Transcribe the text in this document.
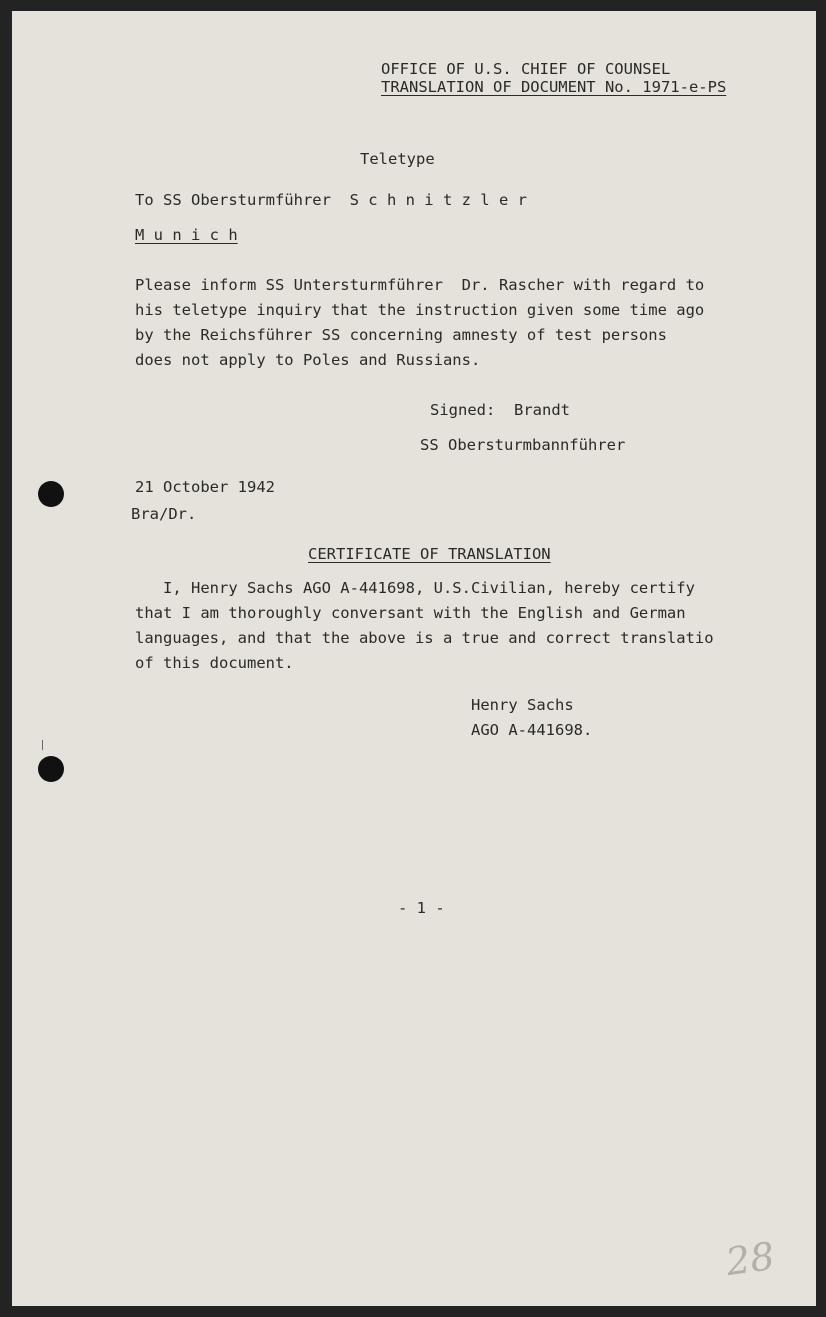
OFFICE OF U.S. CHIEF OF COUNSEL
TRANSLATION OF DOCUMENT No. 1971-e-PS
Teletype
To SS Obersturmführer  S c h n i t z l e r
M u n i c h
Please inform SS Untersturmführer  Dr. Rascher with regard to
his teletype inquiry that the instruction given some time ago
by the Reichsführer SS concerning amnesty of test persons
does not apply to Poles and Russians.
Signed:  Brandt
SS Obersturmbannführer
21 October 1942
Bra/Dr.
CERTIFICATE OF TRANSLATION
I, Henry Sachs AGO A-441698, U.S.Civilian, hereby certify
that I am thoroughly conversant with the English and German
languages, and that the above is a true and correct translatio
of this document.
Henry Sachs
AGO A-441698.
- 1 -
28
